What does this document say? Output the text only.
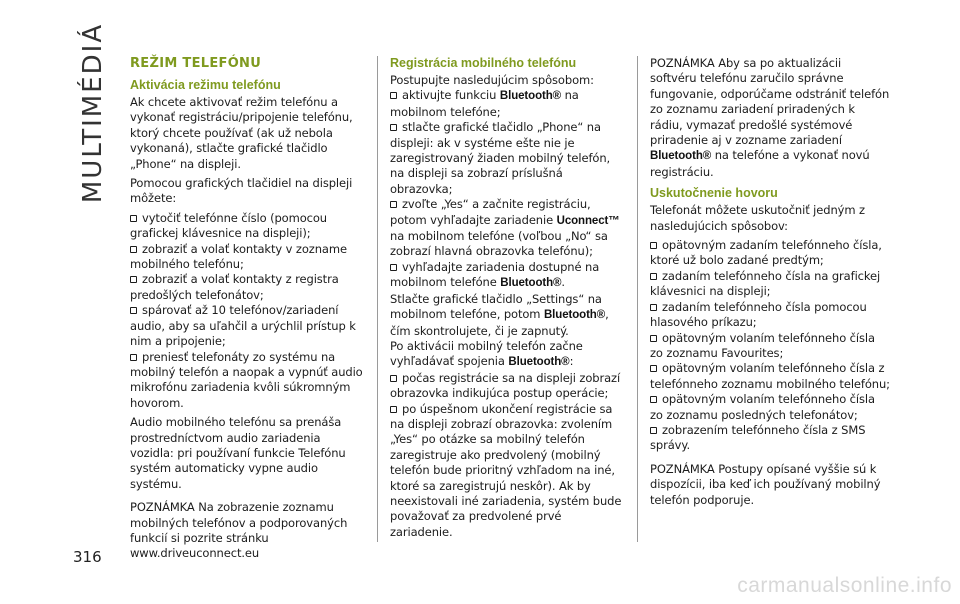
MULTIMÉDIÁ
316

REŽIM TELEFÓNU

Aktivácia režimu telefónu

Ak chcete aktivovať režim telefónu a vykonať registráciu/pripojenie telefónu, ktorý chcete používať (ak už nebola vykonaná), stlačte grafické tlačidlo „Phone“ na displeji.

Pomocou grafických tlačidiel na displeji môžete:

vytočiť telefónne číslo (pomocou grafickej klávesnice na displeji);

zobraziť a volať kontakty v zozname mobilného telefónu;

zobraziť a volať kontakty z registra predošlých telefonátov;

spárovať až 10 telefónov/zariadení audio, aby sa uľahčil a urýchlil prístup k nim a pripojenie;

preniesť telefonáty zo systému na mobilný telefón a naopak a vypnúť audio mikrofónu zariadenia kvôli súkromným hovorom.

Audio mobilného telefónu sa prenáša prostredníctvom audio zariadenia vozidla: pri používaní funkcie Telefónu systém automaticky vypne audio systému.

POZNÁMKA Na zobrazenie zoznamu mobilných telefónov a podporovaných funkcií si pozrite stránku www.driveuconnect.eu

Registrácia mobilného telefónu

Postupujte nasledujúcim spôsobom:

aktivujte funkciu Bluetooth® na mobilnom telefóne;

stlačte grafické tlačidlo „Phone“ na displeji: ak v systéme ešte nie je zaregistrovaný žiaden mobilný telefón, na displeji sa zobrazí príslušná obrazovka;

zvoľte „Yes“ a začnite registráciu, potom vyhľadajte zariadenie Uconnect™ na mobilnom telefóne (voľbou „No“ sa zobrazí hlavná obrazovka telefónu);

vyhľadajte zariadenia dostupné na mobilnom telefóne Bluetooth®.

Stlačte grafické tlačidlo „Settings“ na mobilnom telefóne, potom Bluetooth®, čím skontrolujete, či je zapnutý.

Po aktivácii mobilný telefón začne vyhľadávať spojenia Bluetooth®:

počas registrácie sa na displeji zobrazí obrazovka indikujúca postup operácie;

po úspešnom ukončení registrácie sa na displeji zobrazí obrazovka: zvolením „Yes“ po otázke sa mobilný telefón zaregistruje ako predvolený (mobilný telefón bude prioritný vzhľadom na iné, ktoré sa zaregistrujú neskôr). Ak by neexistovali iné zariadenia, systém bude považovať za predvolené prvé zariadenie.

POZNÁMKA Aby sa po aktualizácii softvéru telefónu zaručilo správne fungovanie, odporúčame odstrániť telefón zo zoznamu zariadení priradených k rádiu, vymazať predošlé systémové priradenie aj v zozname zariadení Bluetooth® na telefóne a vykonať novú registráciu.

Uskutočnenie hovoru

Telefonát môžete uskutočniť jedným z nasledujúcich spôsobov:

opätovným zadaním telefónneho čísla, ktoré už bolo zadané predtým;

zadaním telefónneho čísla na grafickej klávesnici na displeji;

zadaním telefónneho čísla pomocou hlasového príkazu;

opätovným volaním telefónneho čísla zo zoznamu Favourites;

opätovným volaním telefónneho čísla z telefónneho zoznamu mobilného telefónu;

opätovným volaním telefónneho čísla zo zoznamu posledných telefonátov;

zobrazením telefónneho čísla z SMS správy.

POZNÁMKA Postupy opísané vyššie sú k dispozícii, iba keď ich používaný mobilný telefón podporuje.

carmanualsonline.info
